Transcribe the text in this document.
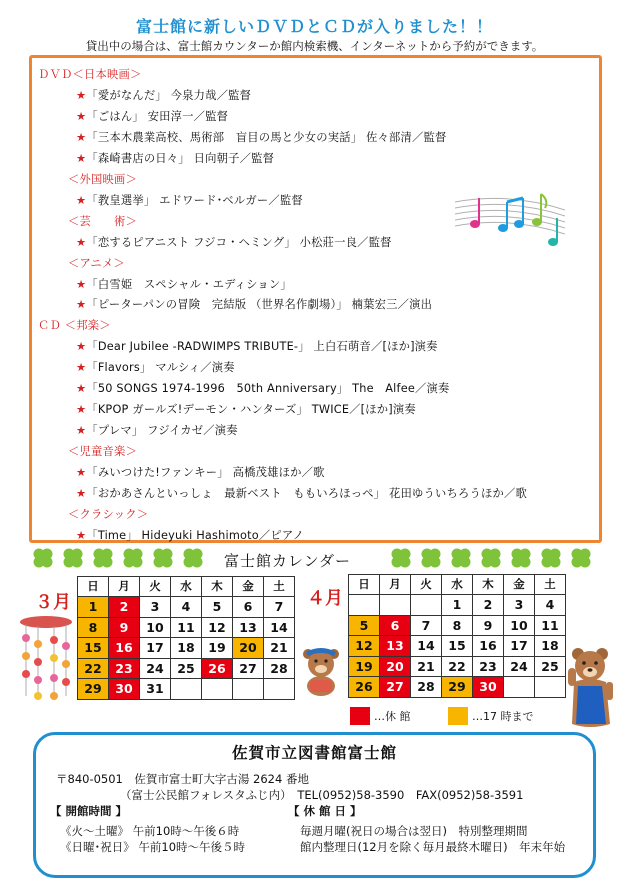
富士館に新しいＤＶＤとＣＤが入りました！！
貸出中の場合は、富士館カウンターか館内検索機、インターネットから予約ができます。
ＤＶＤ＜日本映画＞
★「愛がなんだ」 今泉力哉／監督
★「ごはん」 安田淳一／監督
★「三本木農業高校、馬術部　盲目の馬と少女の実話」 佐々部清／監督
★「森崎書店の日々」 日向朝子／監督
＜外国映画＞
★「教皇選挙」 エドワード･ベルガー／監督
＜芸　　術＞
★「恋するピアニスト フジコ・ヘミング」 小松莊一良／監督
＜アニメ＞
★「白雪姫　スペシャル・エディション」
★「ピーターパンの冒険　完結版 （世界名作劇場）」 楠葉宏三／演出
ＣＤ ＜邦楽＞
★「Dear Jubilee -RADWIMPS TRIBUTE-」 上白石萌音／[ほか]演奏
★「Flavors」 マルシィ／演奏
★「50 SONGS 1974-1996　50th Anniversary」 The　Alfee／演奏
★「KPOP ガールズ!デーモン・ハンターズ」 TWICE／[ほか]演奏
★「プレマ」 フジイカゼ／演奏
＜児童音楽＞
★「みいつけた!ファンキー」 高橋茂雄ほか／歌
★「おかあさんといっしょ　最新ベスト　ももいろほっぺ」 花田ゆういちろうほか／歌
＜クラシック＞
★「Time」 Hideyuki Hashimoto／ピアノ
富士館カレンダー
３月	４月
日	月	火	水	木	金	土
1	2	3	4	5	6	7
8	9	10	11	12	13	14
15	16	17	18	19	20	21
22	23	24	25	26	27	28
29	30	31				
日	月	火	水	木	金	土
			1	2	3	4
5	6	7	8	9	10	11
12	13	14	15	16	17	18
19	20	21	22	23	24	25
26	27	28	29	30		
…休 館	…17 時まで
佐賀市立図書館富士館
〒840-0501　佐賀市富士町大字古湯 2624 番地
（富士公民館フォレスタふじ内）　TEL(0952)58-3590　FAX(0952)58-3591
【 開館時間 】	【 休 館 日 】
《火～土曜》 午前10時～午後６時
《日曜･祝日》 午前10時～午後５時
毎週月曜(祝日の場合は翌日)　特別整理期間
館内整理日(12月を除く毎月最終木曜日)　年末年始
